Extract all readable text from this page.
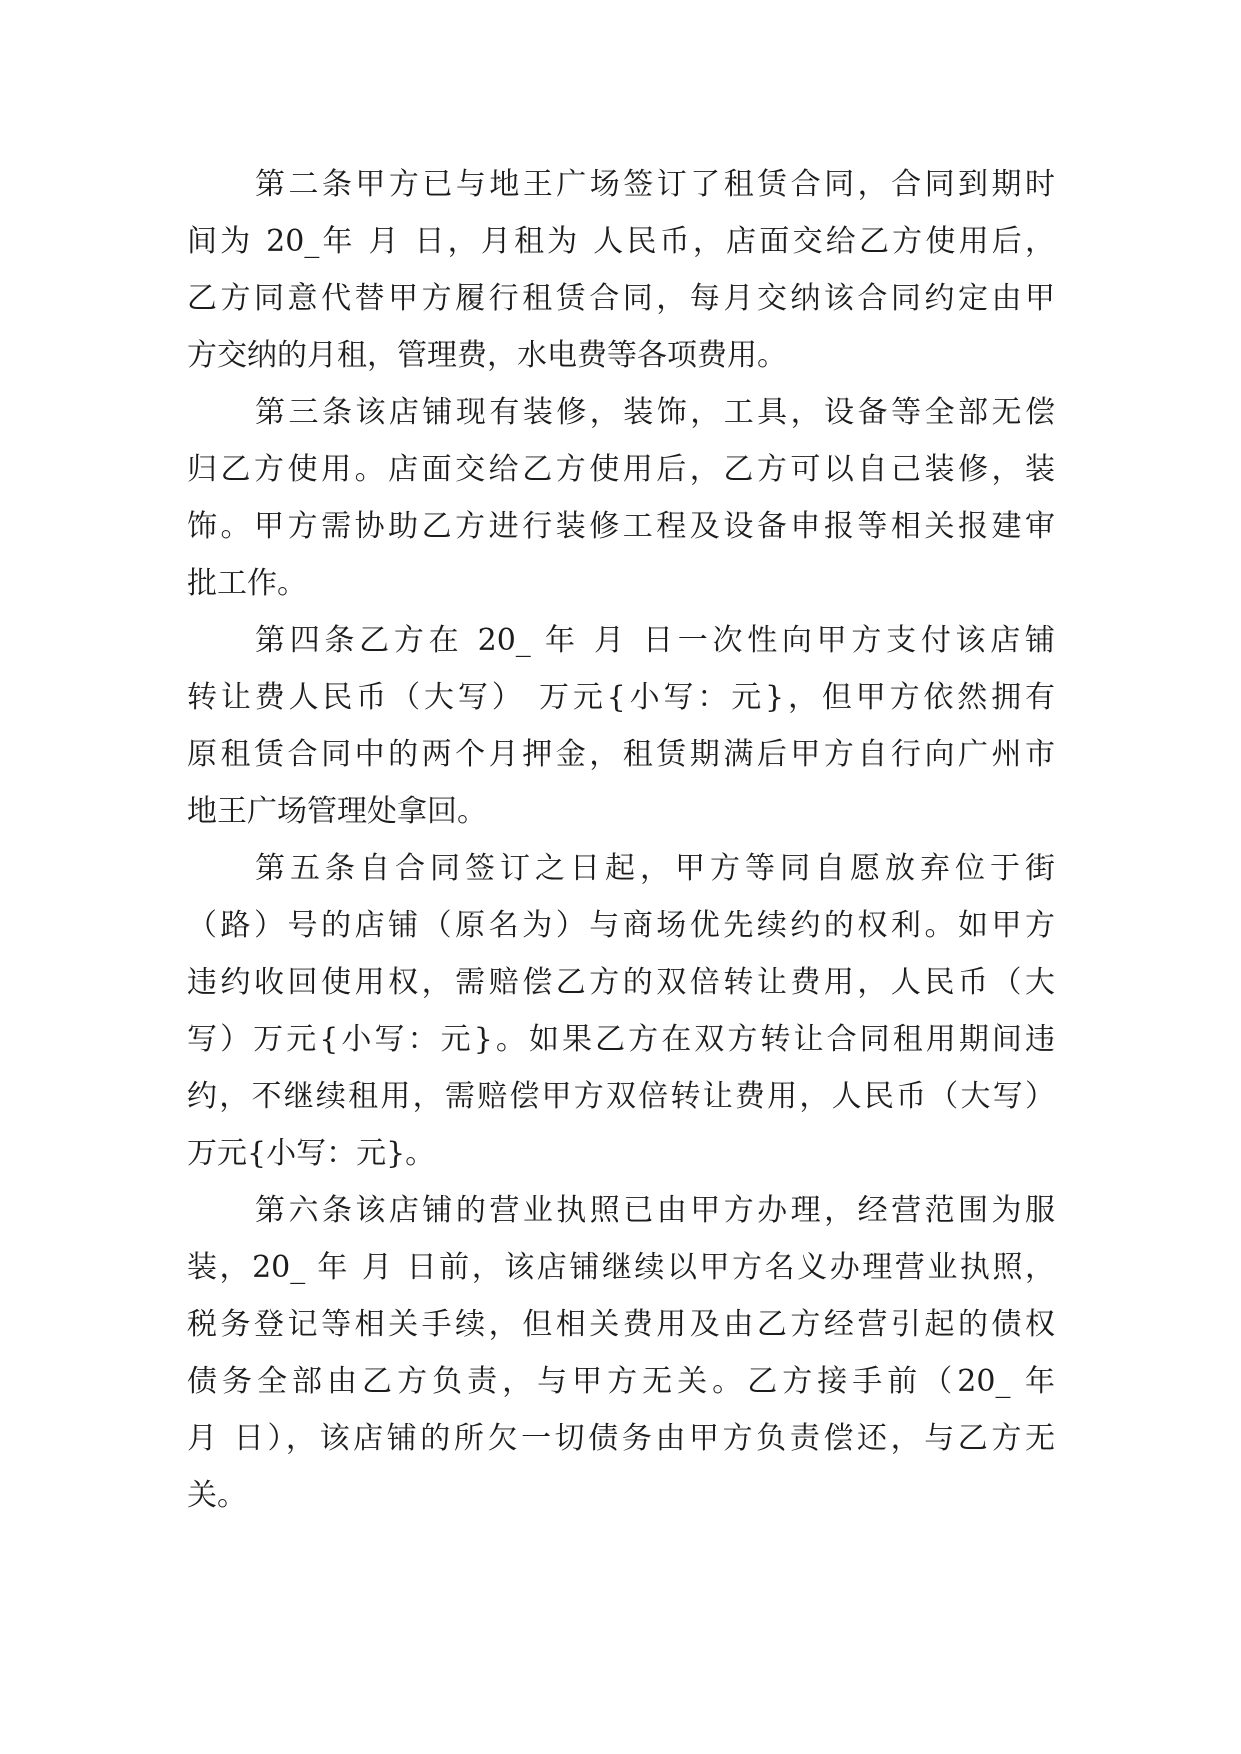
第二条甲方已与地王广场签订了租赁合同，合同到期时
间为 20_年 月 日，月租为 人民币，店面交给乙方使用后，
乙方同意代替甲方履行租赁合同，每月交纳该合同约定由甲
方交纳的月租，管理费，水电费等各项费用。
第三条该店铺现有装修，装饰，工具，设备等全部无偿
归乙方使用。店面交给乙方使用后，乙方可以自己装修，装
饰。甲方需协助乙方进行装修工程及设备申报等相关报建审
批工作。
第四条乙方在 20_ 年 月 日一次性向甲方支付该店铺
转让费人民币（大写） 万元{小写：元}，但甲方依然拥有
原租赁合同中的两个月押金，租赁期满后甲方自行向广州市
地王广场管理处拿回。
第五条自合同签订之日起，甲方等同自愿放弃位于街
（路）号的店铺（原名为）与商场优先续约的权利。如甲方
违约收回使用权，需赔偿乙方的双倍转让费用，人民币（大
写）万元{小写：元}。如果乙方在双方转让合同租用期间违
约，不继续租用，需赔偿甲方双倍转让费用，人民币（大写）
万元{小写：元}。
第六条该店铺的营业执照已由甲方办理，经营范围为服
装，20_ 年 月 日前，该店铺继续以甲方名义办理营业执照，
税务登记等相关手续，但相关费用及由乙方经营引起的债权
债务全部由乙方负责，与甲方无关。乙方接手前（20_ 年
月 日），该店铺的所欠一切债务由甲方负责偿还，与乙方无
关。
